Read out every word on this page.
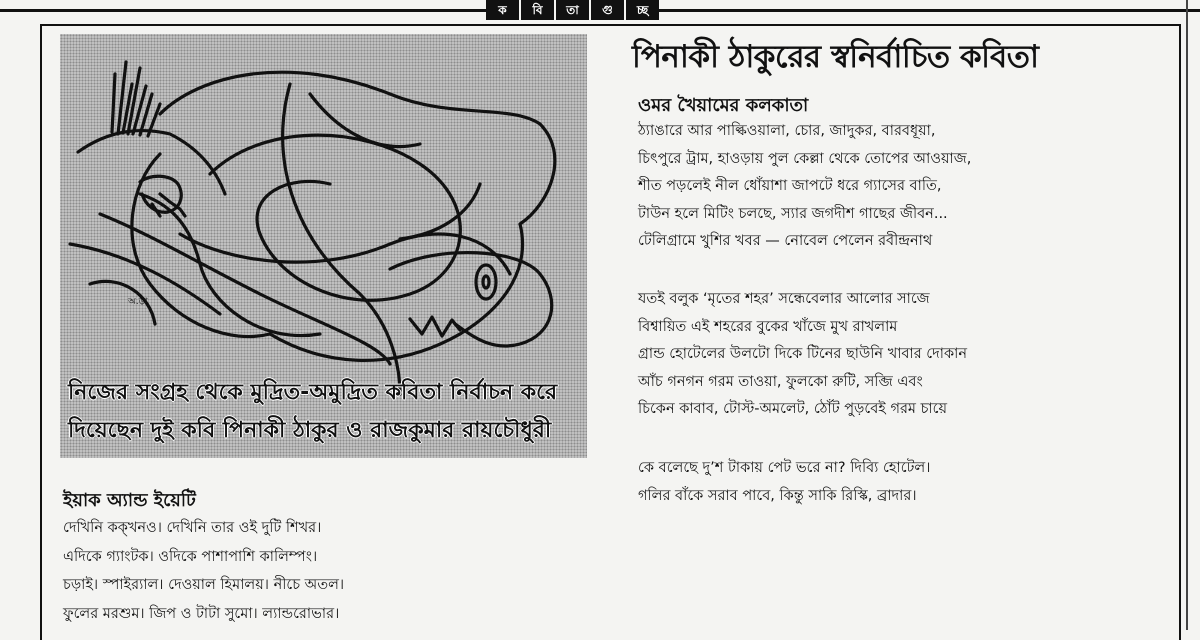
ক	বি	তা	গু	চ্ছ
অ.ড়া
নিজের সংগ্রহ থেকে মুদ্রিত-অমুদ্রিত কবিতা নির্বাচন করে
দিয়েছেন দুই কবি পিনাকী ঠাকুর ও রাজকুমার রায়চৌধুরী
পিনাকী ঠাকুরের স্বনির্বাচিত কবিতা
ওমর খৈয়ামের কলকাতা
ঠ্যাঙারে আর পাল্কিওয়ালা, চোর, জাদুকর, বারবধূয়া,
চিৎপুরে ট্রাম, হাওড়ায় পুল কেল্লা থেকে তোপের আওয়াজ,
শীত পড়লেই নীল ধোঁয়াশা জাপটে ধরে গ্যাসের বাতি,
টাউন হলে মিটিং চলছে, স্যার জগদীশ গাছের জীবন...
টেলিগ্রামে খুশির খবর — নোবেল পেলেন রবীন্দ্রনাথ
যতই বলুক ‘মৃতের শহর’ সন্ধেবেলার আলোর সাজে
বিশ্বায়িত এই শহরের বুকের খাঁজে মুখ রাখলাম
গ্রান্ড হোটেলের উলটো দিকে টিনের ছাউনি খাবার দোকান
আঁচ গনগন গরম তাওয়া, ফুলকো রুটি, সব্জি এবং
চিকেন কাবাব, টোস্ট-অমলেট, ঠোঁট পুড়বেই গরম চায়ে
কে বলেছে দু’শ টাকায় পেট ভরে না? দিব্যি হোটেল।
গলির বাঁকে সরাব পাবে, কিন্তু সাকি রিস্কি, ব্রাদার।
ইয়াক অ্যান্ড ইয়েটি
দেখিনি কক্খনও। দেখিনি তার ওই দুটি শিখর।
এদিকে গ্যাংটক। ওদিকে পাশাপাশি কালিম্পং।
চড়াই। স্পাইর‍্যাল। দেওয়াল হিমালয়। নীচে অতল।
ফুলের মরশুম। জিপ ও টাটা সুমো। ল্যান্ডরোভার।
